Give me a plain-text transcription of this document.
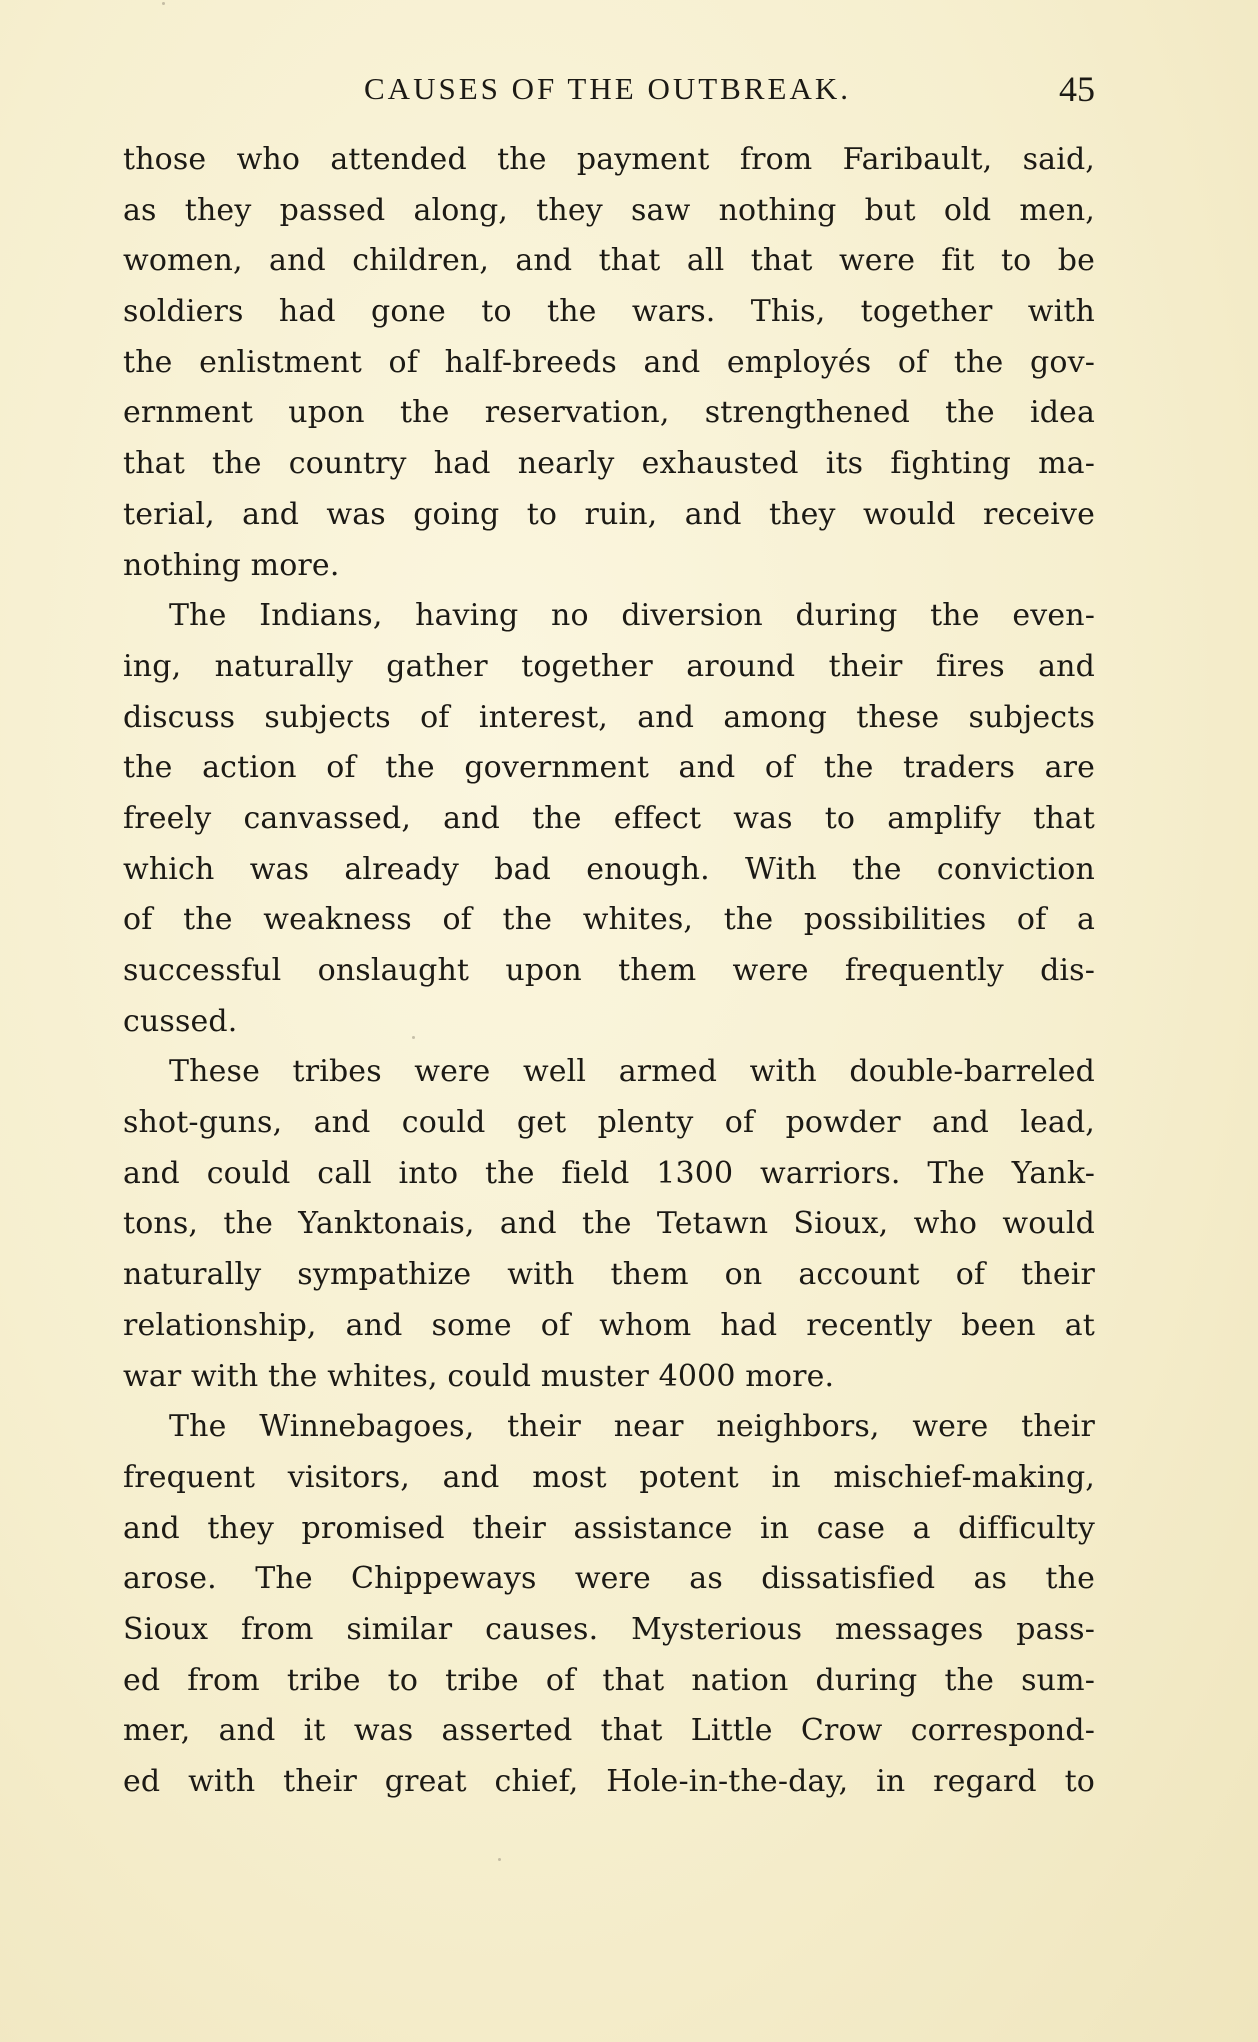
CAUSES OF THE OUTBREAK.	45
those who attended the payment from Faribault, said,
as they passed along, they saw nothing but old men,
women, and children, and that all that were fit to be
soldiers had gone to the wars. This, together with
the enlistment of half-breeds and employés of the gov-
ernment upon the reservation, strengthened the idea
that the country had nearly exhausted its fighting ma-
terial, and was going to ruin, and they would receive
nothing more.
The Indians, having no diversion during the even-
ing, naturally gather together around their fires and
discuss subjects of interest, and among these subjects
the action of the government and of the traders are
freely canvassed, and the effect was to amplify that
which was already bad enough. With the conviction
of the weakness of the whites, the possibilities of a
successful onslaught upon them were frequently dis-
cussed.
These tribes were well armed with double-barreled
shot-guns, and could get plenty of powder and lead,
and could call into the field 1300 warriors. The Yank-
tons, the Yanktonais, and the Tetawn Sioux, who would
naturally sympathize with them on account of their
relationship, and some of whom had recently been at
war with the whites, could muster 4000 more.
The Winnebagoes, their near neighbors, were their
frequent visitors, and most potent in mischief-making,
and they promised their assistance in case a difficulty
arose. The Chippeways were as dissatisfied as the
Sioux from similar causes. Mysterious messages pass-
ed from tribe to tribe of that nation during the sum-
mer, and it was asserted that Little Crow correspond-
ed with their great chief, Hole-in-the-day, in regard to
